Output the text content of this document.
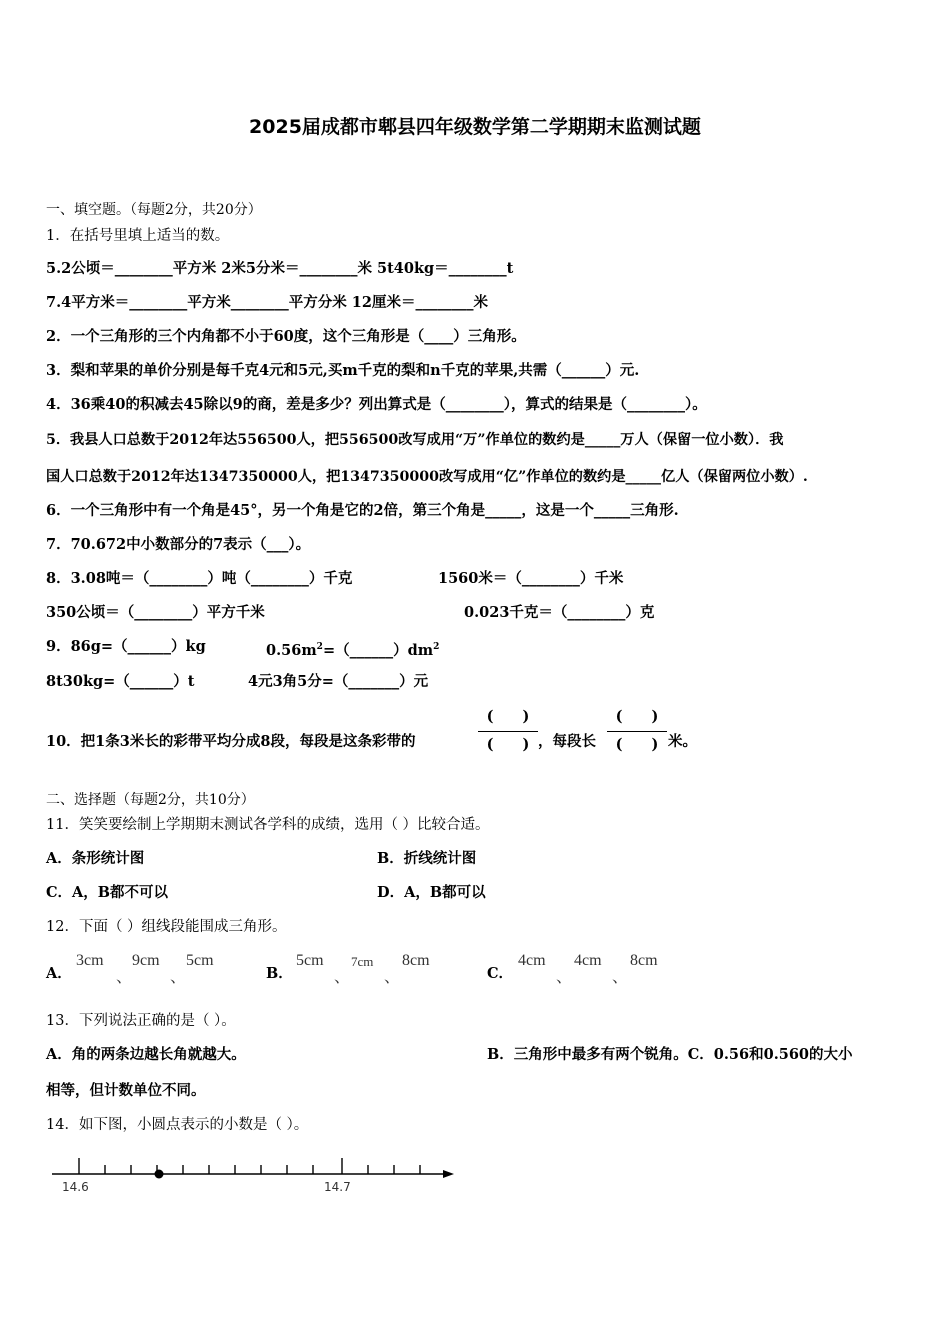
2025届成都市郫县四年级数学第二学期期末监测试题
一、填空题。（每题2分，共20分）
1．在括号里填上适当的数。
5.2公顷＝________平方米 2米5分米＝________米 5t40kg＝________t
7.4平方米＝________平方米________平方分米 12厘米＝________米
2．一个三角形的三个内角都不小于60度，这个三角形是（____）三角形。
3．梨和苹果的单价分别是每千克4元和5元,买m千克的梨和n千克的苹果,共需（______）元.
4．36乘40的积减去45除以9的商，差是多少？列出算式是（________），算式的结果是（________）。
5．我县人口总数于2012年达556500人，把556500改写成用“万”作单位的数约是_____万人（保留一位小数）．我
国人口总数于2012年达1347350000人，把1347350000改写成用“亿”作单位的数约是_____亿人（保留两位小数）.
6．一个三角形中有一个角是45°，另一个角是它的2倍，第三个角是_____，这是一个_____三角形.
7．70.672中小数部分的7表示（___）。
8．3.08吨＝（________）吨（________）千克	1560米＝（________）千米
350公顷＝（________）平方千米	0.023千克＝（________）克
9．86g=（______）kg	$0.56m^2=(\_\_\_\_\_\_)dm^2$
8t30kg=（______）t	4元3角5分=（_______）元
10．把1条3米长的彩带平均分成8段，每段是这条彩带的
(　　)
(　　) ，每段长
(　　)
(　　) 米。
二、选择题（每题2分，共10分）
11．笑笑要绘制上学期期末测试各学科的成绩，选用（ ）比较合适。
A．条形统计图	B．折线统计图
C．A，B都不可以	D．A，B都可以
12．下面（ ）组线段能围成三角形。
A．
3cm
、
9cm
、
5cm
B．
5cm
、
7cm
、
8cm
C．
4cm
、
4cm
、
8cm
13．下列说法正确的是（ ）。
A．角的两条边越长角就越大。	B．三角形中最多有两个锐角。C．0.56和0.560的大小
相等，但计数单位不同。
14．如下图，小圆点表示的小数是（ ）。
14.6	14.7
